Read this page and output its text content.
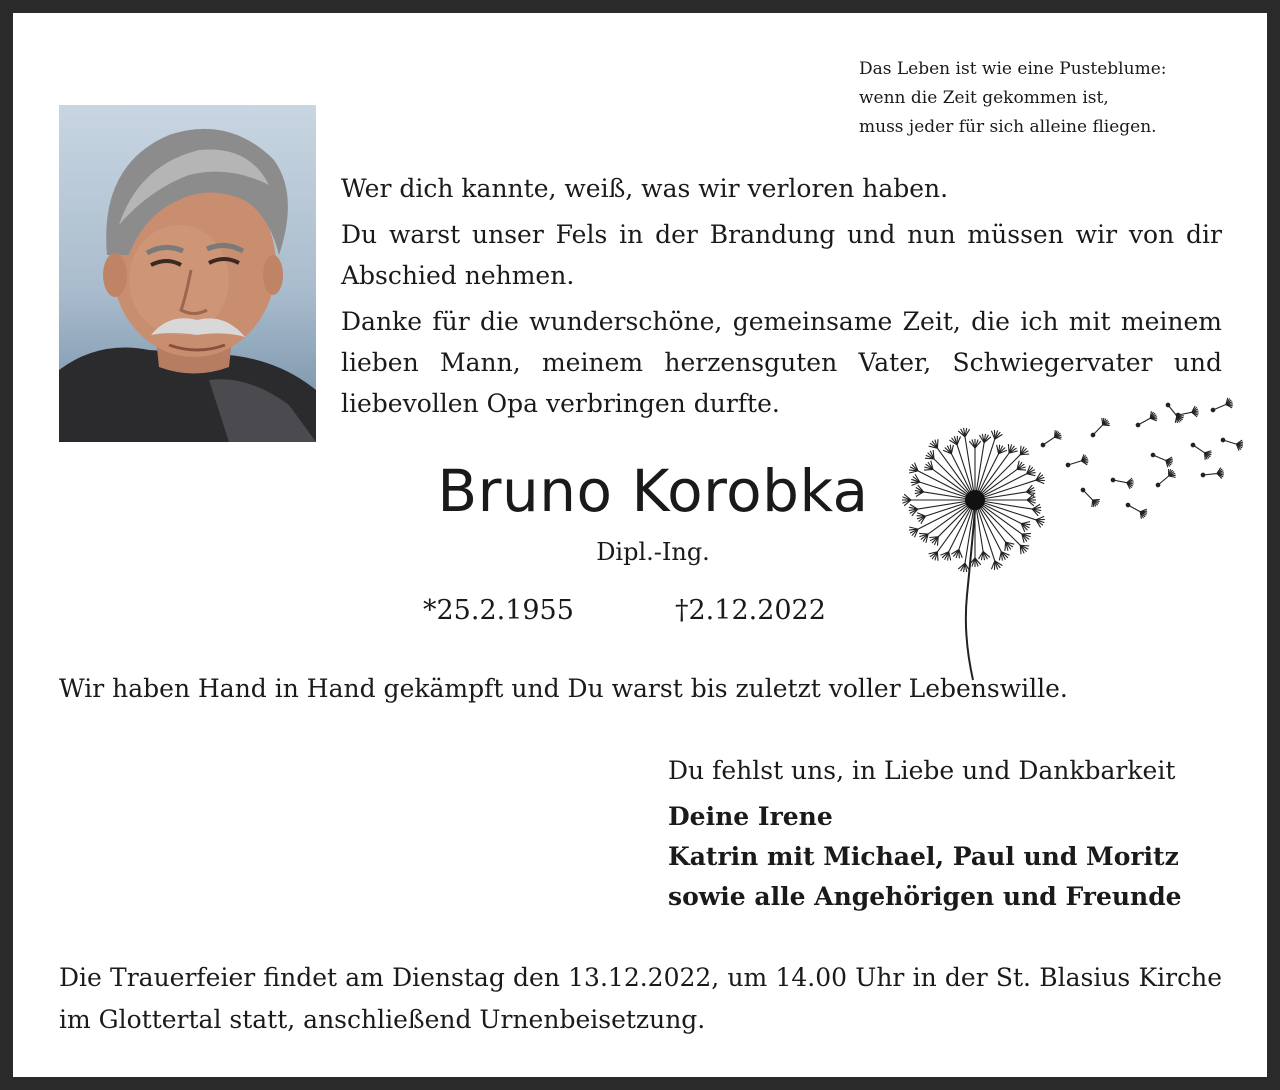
Das Leben ist wie eine Pusteblume:
wenn die Zeit gekommen ist,
muss jeder für sich alleine fliegen.

Wer dich kannte, weiß, was wir verloren haben.

Du warst unser Fels in der Brandung und nun müssen wir von dir Abschied nehmen.

Danke für die wunderschöne, gemeinsame Zeit, die ich mit meinem lieben Mann, meinem herzensguten Vater, Schwiegervater und liebevollen Opa verbringen durfte.

Bruno Korobka
Dipl.-Ing.
*25.2.1955	†2.12.2022
Wir haben Hand in Hand gekämpft und Du warst bis zuletzt voller Lebenswille.
Du fehlst uns, in Liebe und Dankbarkeit
Deine Irene
Katrin mit Michael, Paul und Moritz
sowie alle Angehörigen und Freunde
Die Trauerfeier findet am Dienstag den 13.12.2022, um 14.00 Uhr in der St. Blasius Kirche im Glottertal statt, anschließend Urnenbeisetzung.
